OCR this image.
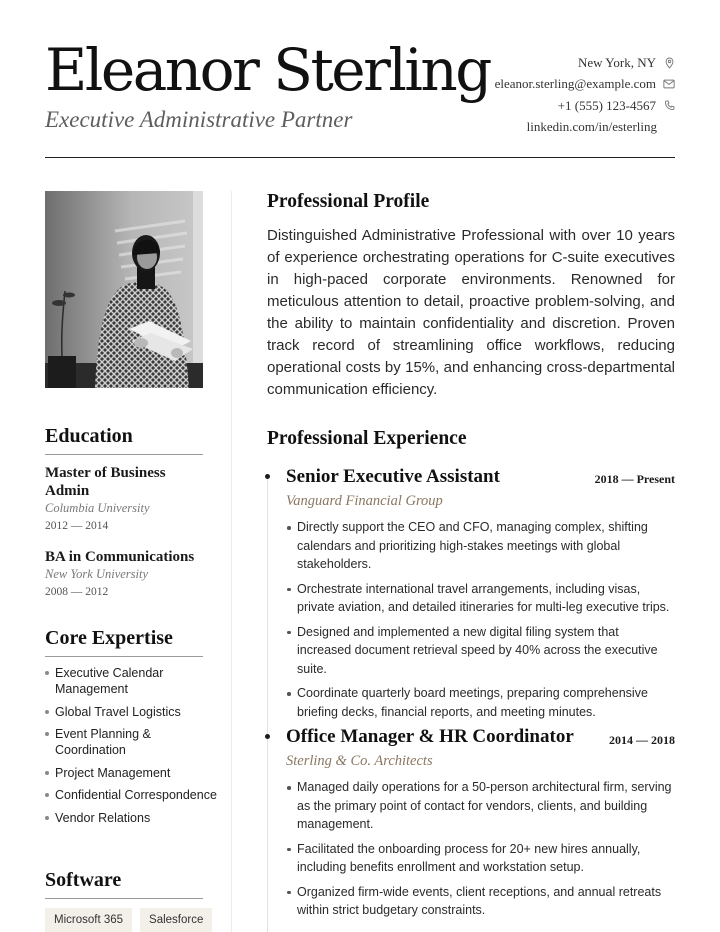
Eleanor Sterling
Executive Administrative Partner
New York, NY
eleanor.sterling@example.com
+1 (555) 123-4567
linkedin.com/in/esterling
Education
Master of Business Admin
Columbia University
2012 — 2014
BA in Communications
New York University
2008 — 2012
Core Expertise
Executive Calendar Management
Global Travel Logistics
Event Planning & Coordination
Project Management
Confidential Correspondence
Vendor Relations
Software
Microsoft 365	Salesforce
Professional Profile

Distinguished Administrative Professional with over 10 years of experience orchestrating operations for C-suite executives in high-paced corporate environments. Renowned for meticulous attention to detail, proactive problem-solving, and the ability to maintain confidentiality and discretion. Proven track record of streamlining office workflows, reducing operational costs by 15%, and enhancing cross-departmental communication efficiency.

Professional Experience
Senior Executive Assistant	2018 — Present
Vanguard Financial Group
Directly support the CEO and CFO, managing complex, shifting calendars and prioritizing high-stakes meetings with global stakeholders.
Orchestrate international travel arrangements, including visas, private aviation, and detailed itineraries for multi-leg executive trips.
Designed and implemented a new digital filing system that increased document retrieval speed by 40% across the executive suite.
Coordinate quarterly board meetings, preparing comprehensive briefing decks, financial reports, and meeting minutes.
Office Manager & HR Coordinator	2014 — 2018
Sterling & Co. Architects
Managed daily operations for a 50-person architectural firm, serving as the primary point of contact for vendors, clients, and building management.
Facilitated the onboarding process for 20+ new hires annually, including benefits enrollment and workstation setup.
Organized firm-wide events, client receptions, and annual retreats within strict budgetary constraints.
